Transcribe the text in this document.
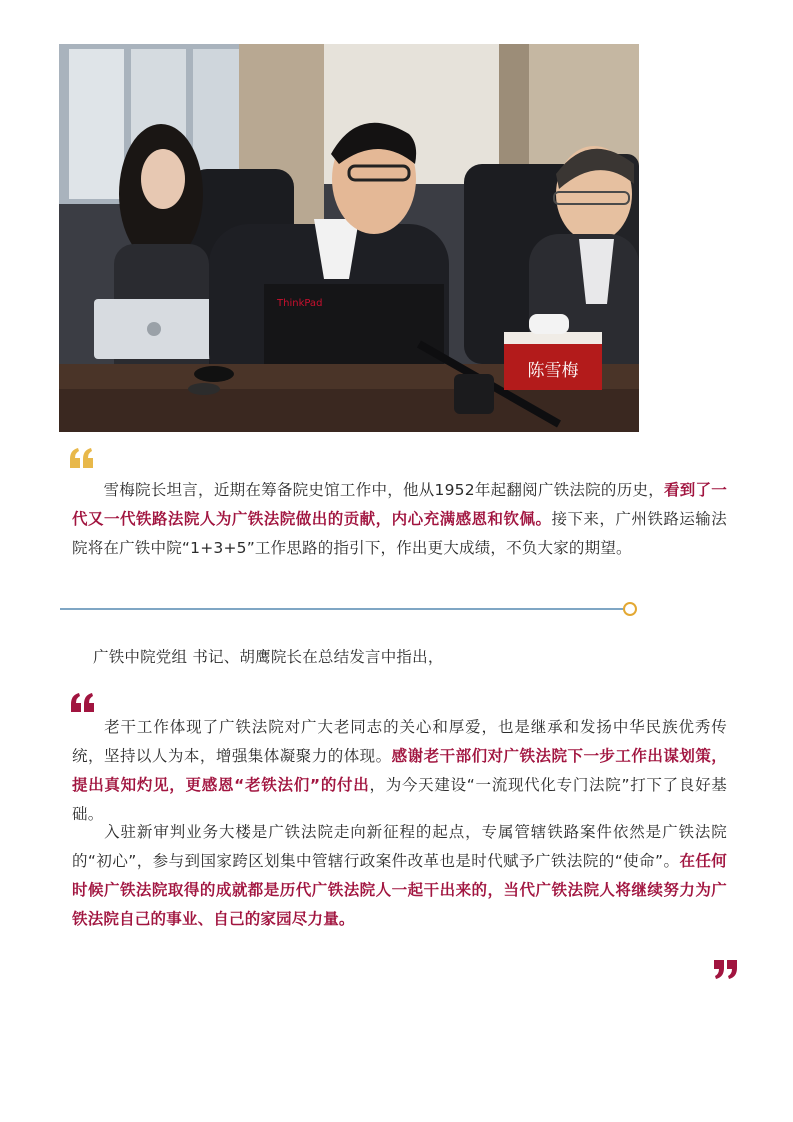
ThinkPad
陈雪梅

  雪梅院长坦言，近期在筹备院史馆工作中，他从1952年起翻阅广铁法院的历史，看到了一代又一代铁路法院人为广铁法院做出的贡献，内心充满感恩和钦佩。接下来，广州铁路运输法院将在广铁中院“1+3+5”工作思路的指引下，作出更大成绩，不负大家的期望。

广铁中院党组 书记、胡鹰院长在总结发言中指出，

  老干工作体现了广铁法院对广大老同志的关心和厚爱，也是继承和发扬中华民族优秀传统，坚持以人为本，增强集体凝聚力的体现。感谢老干部们对广铁法院下一步工作出谋划策，提出真知灼见，更感恩“老铁法们”的付出，为今天建设“一流现代化专门法院”打下了良好基础。

  入驻新审判业务大楼是广铁法院走向新征程的起点，专属管辖铁路案件依然是广铁法院的“初心”，参与到国家跨区划集中管辖行政案件改革也是时代赋予广铁法院的“使命”。在任何时候广铁法院取得的成就都是历代广铁法院人一起干出来的，当代广铁法院人将继续努力为广铁法院自己的事业、自己的家园尽力量。
